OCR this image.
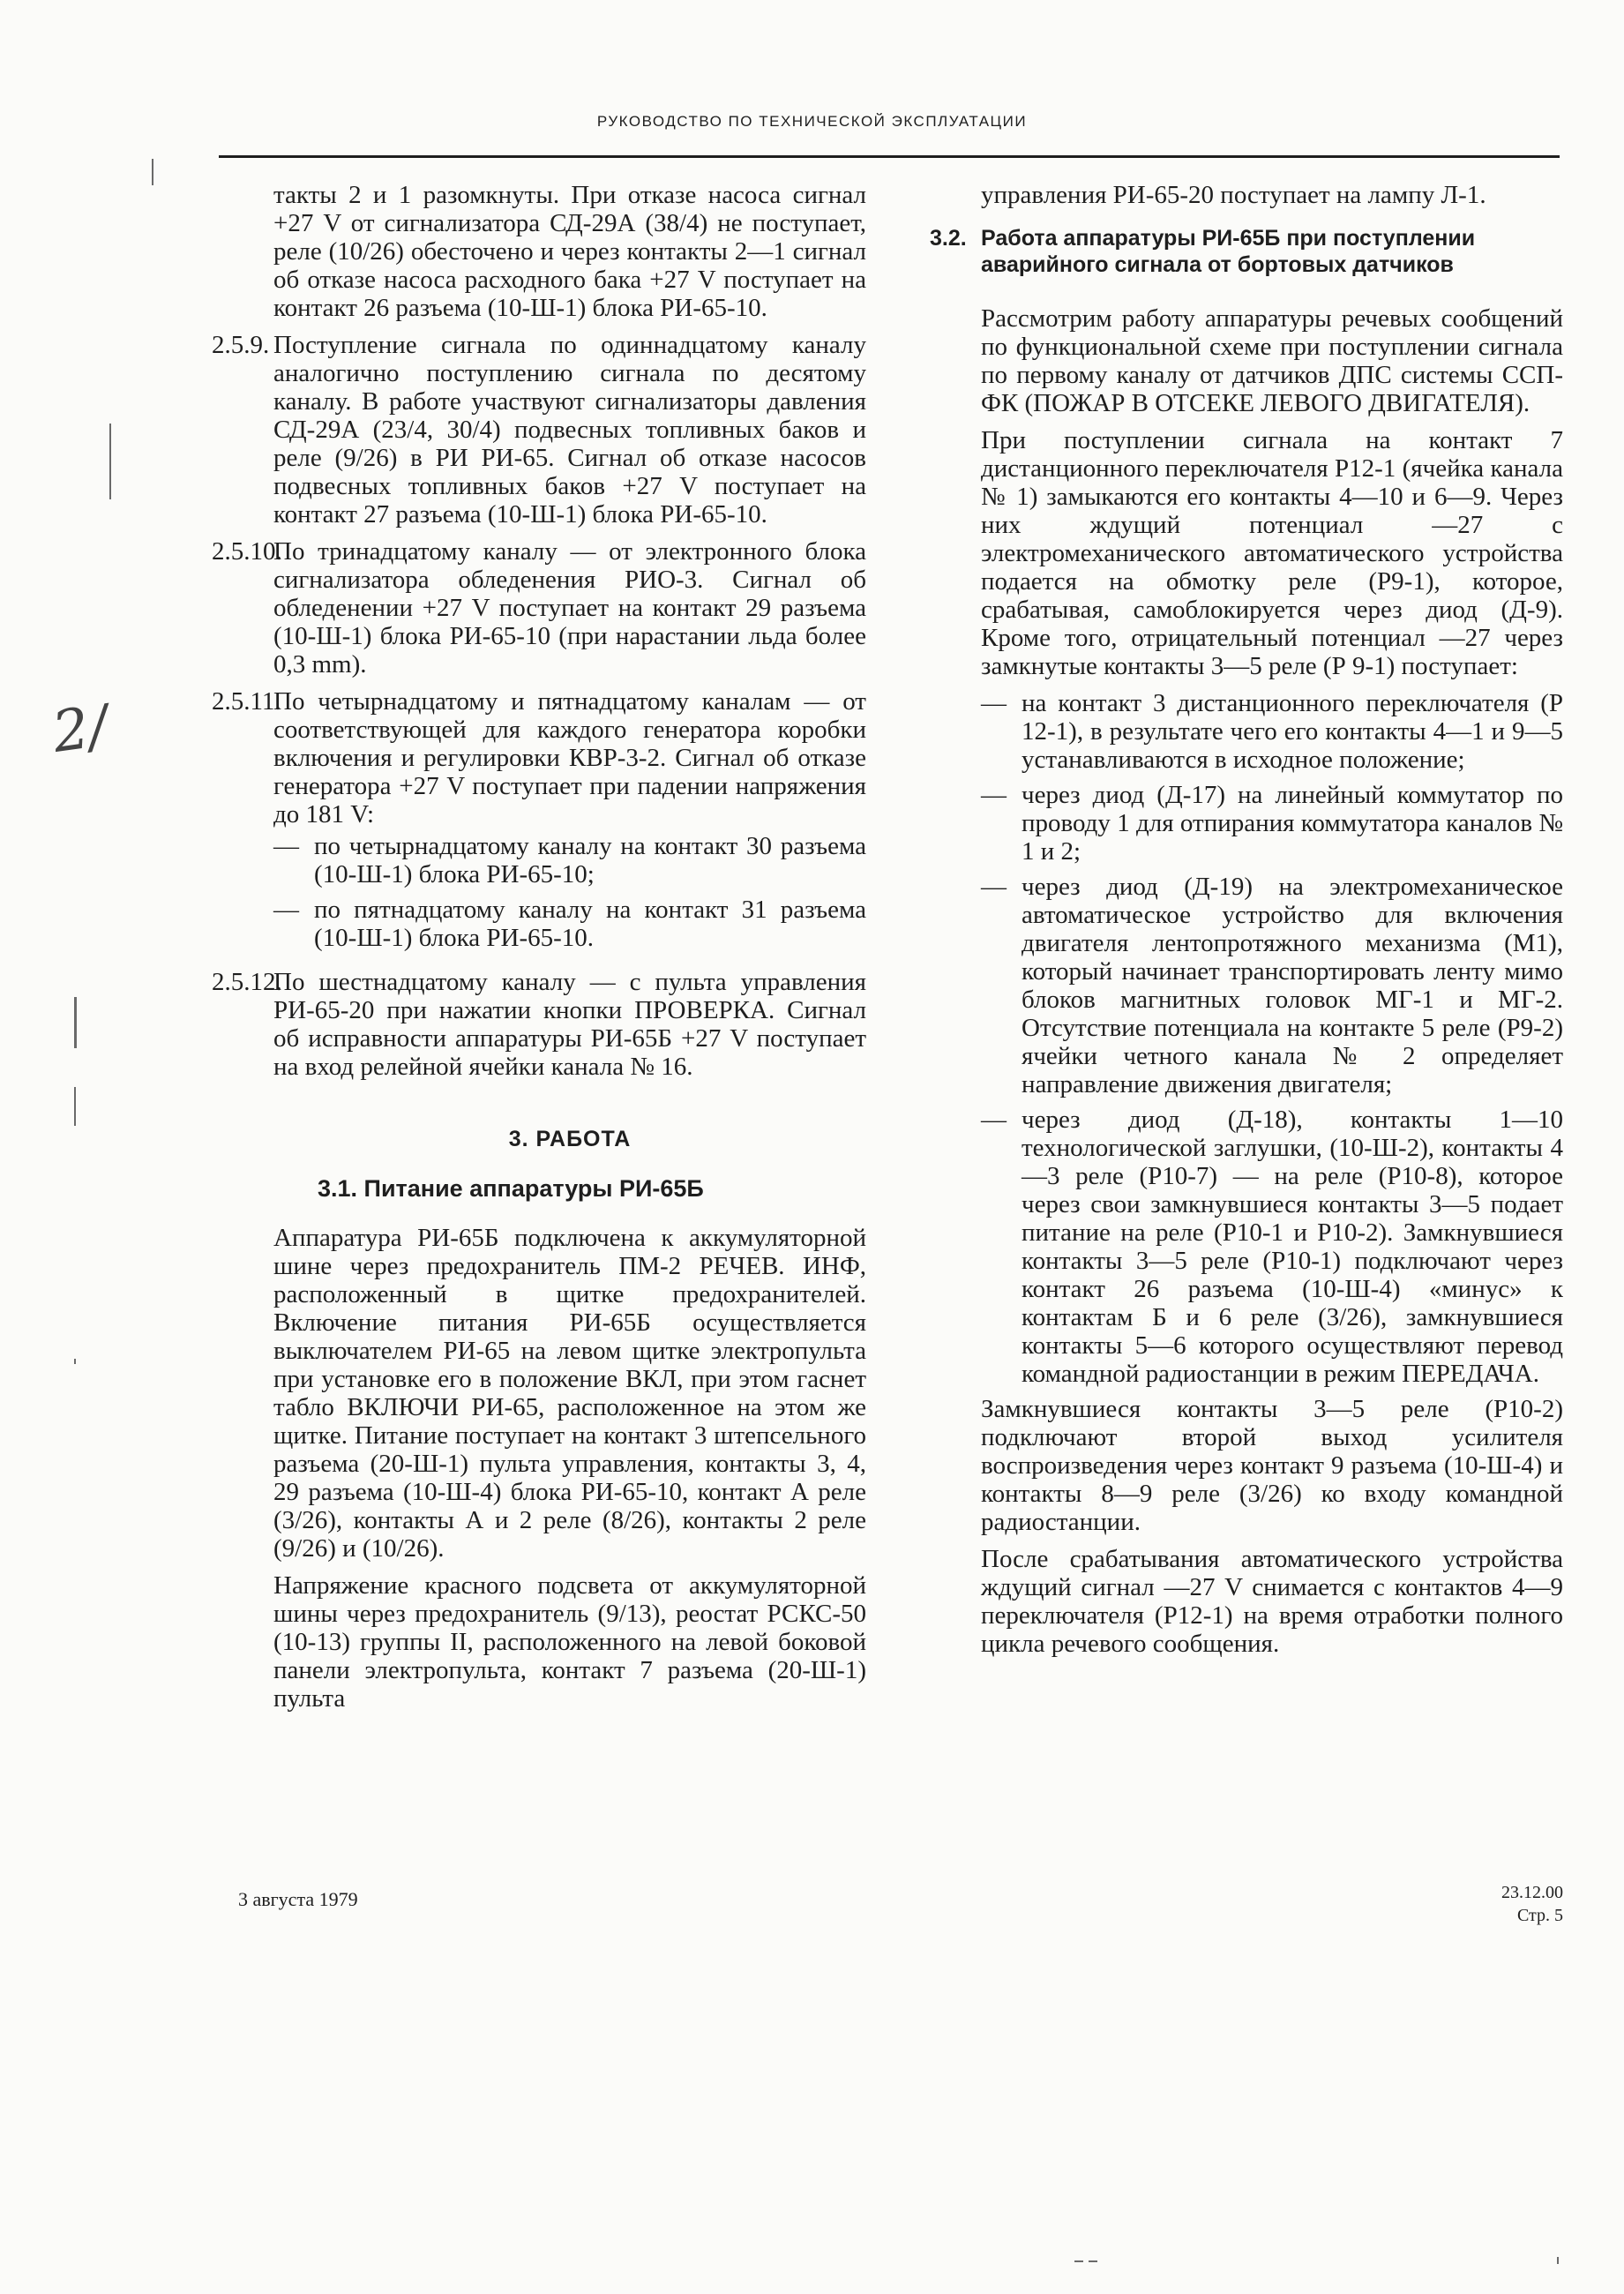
РУКОВОДСТВО ПО ТЕХНИЧЕСКОЙ ЭКСПЛУАТАЦИИ
2/

такты 2 и 1 разомкнуты. При отказе насоса сигнал +27 V от сигнализатора СД-29А (38/4) не поступает, реле (10/26) обесточено и через контакты 2—1 сигнал об отказе насоса расходного бака +27 V поступает на контакт 26 разъема (10-Ш-1) блока РИ-65-10.

2.5.9. Поступление сигнала по одиннадцатому каналу аналогично поступлению сигнала по десятому каналу. В работе участвуют сигнализаторы давления СД-29А (23/4, 30/4) подвесных топливных баков и реле (9/26) в РИ РИ-65. Сигнал об отказе насосов подвесных топливных баков +27 V поступает на контакт 27 разъема (10-Ш-1) блока РИ-65-10.
2.5.10.
По тринадцатому каналу — от электронного блока сигнализатора обледенения РИО-3. Сигнал об обледенении +27 V поступает на контакт 29 разъема (10-Ш-1) блока РИ-65-10 (при нарастании льда более 0,3 mm).
2.5.11.
По четырнадцатому и пятнадцатому каналам — от соответствующей для каждого генератора коробки включения и регулировки КВР-3-2. Сигнал об отказе генератора +27 V поступает при падении напряжения до 181 V:
— по четырнадцатому каналу на контакт 30 разъема (10-Ш-1) блока РИ-65-10;
— по пятнадцатому каналу на контакт 31 разъема (10-Ш-1) блока РИ-65-10.
2.5.12.
По шестнадцатому каналу — с пульта управления РИ-65-20 при нажатии кнопки ПРОВЕРКА. Сигнал об исправности аппаратуры РИ-65Б +27 V поступает на вход релейной ячейки канала № 16.
3. РАБОТА
3.1. Питание аппаратуры РИ-65Б

Аппаратура РИ-65Б подключена к аккумуляторной шине через предохранитель ПМ-2 РЕЧЕВ. ИНФ, расположенный в щитке предохранителей. Включение питания РИ-65Б осуществляется выключателем РИ-65 на левом щитке электропульта при установке его в положение ВКЛ, при этом гаснет табло ВКЛЮЧИ РИ-65, расположенное на этом же щитке. Питание поступает на контакт 3 штепсельного разъема (20-Ш-1) пульта управления, контакты 3, 4, 29 разъема (10-Ш-4) блока РИ-65-10, контакт А реле (3/26), контакты А и 2 реле (8/26), контакты 2 реле (9/26) и (10/26).

Напряжение красного подсвета от аккумуляторной шины через предохранитель (9/13), реостат РСКС-50 (10-13) группы II, расположенного на левой боковой панели электропульта, контакт 7 разъема (20-Ш-1) пульта

управления РИ-65-20 поступает на лампу Л-1.

3.2. Работа аппаратуры РИ-65Б при поступлении аварийного сигнала от бортовых датчиков

Рассмотрим работу аппаратуры речевых сообщений по функциональной схеме при поступлении сигнала по первому каналу от датчиков ДПС системы ССП-ФК (ПОЖАР В ОТСЕКЕ ЛЕВОГО ДВИГАТЕЛЯ).

При поступлении сигнала на контакт 7 дистанционного переключателя Р12-1 (ячейка канала № 1) замыкаются его контакты 4—10 и 6—9. Через них ждущий потенциал —27 с электромеханического автоматического устройства подается на обмотку реле (Р9-1), которое, срабатывая, самоблокируется через диод (Д-9). Кроме того, отрицательный потенциал —27 через замкнутые контакты 3—5 реле (Р 9-1) поступает:

— на контакт 3 дистанционного переключателя (Р 12-1), в результате чего его контакты 4—1 и 9—5 устанавливаются в исходное положение;
— через диод (Д-17) на линейный коммутатор по проводу 1 для отпирания коммутатора каналов № 1 и 2;
— через диод (Д-19) на электромеханическое автоматическое устройство для включения двигателя лентопротяжного механизма (М1), который начинает транспортировать ленту мимо блоков магнитных головок МГ-1 и МГ-2. Отсутствие потенциала на контакте 5 реле (Р9-2) ячейки четного канала № 2 определяет направление движения двигателя;
— через диод (Д-18), контакты 1—10 технологической заглушки, (10-Ш-2), контакты 4—3 реле (Р10-7) — на реле (Р10-8), которое через свои замкнувшиеся контакты 3—5 подает питание на реле (Р10-1 и Р10-2). Замкнувшиеся контакты 3—5 реле (Р10-1) подключают через контакт 26 разъема (10-Ш-4) «минус» к контактам Б и 6 реле (3/26), замкнувшиеся контакты 5—6 которого осуществляют перевод командной радиостанции в режим ПЕРЕДАЧА.

Замкнувшиеся контакты 3—5 реле (Р10-2) подключают второй выход усилителя воспроизведения через контакт 9 разъема (10-Ш-4) и контакты 8—9 реле (3/26) ко входу командной радиостанции.

После срабатывания автоматического устройства ждущий сигнал —27 V снимается с контактов 4—9 переключателя (Р12-1) на время отработки полного цикла речевого сообщения.

3 августа 1979	23.12.00
Стр. 5
